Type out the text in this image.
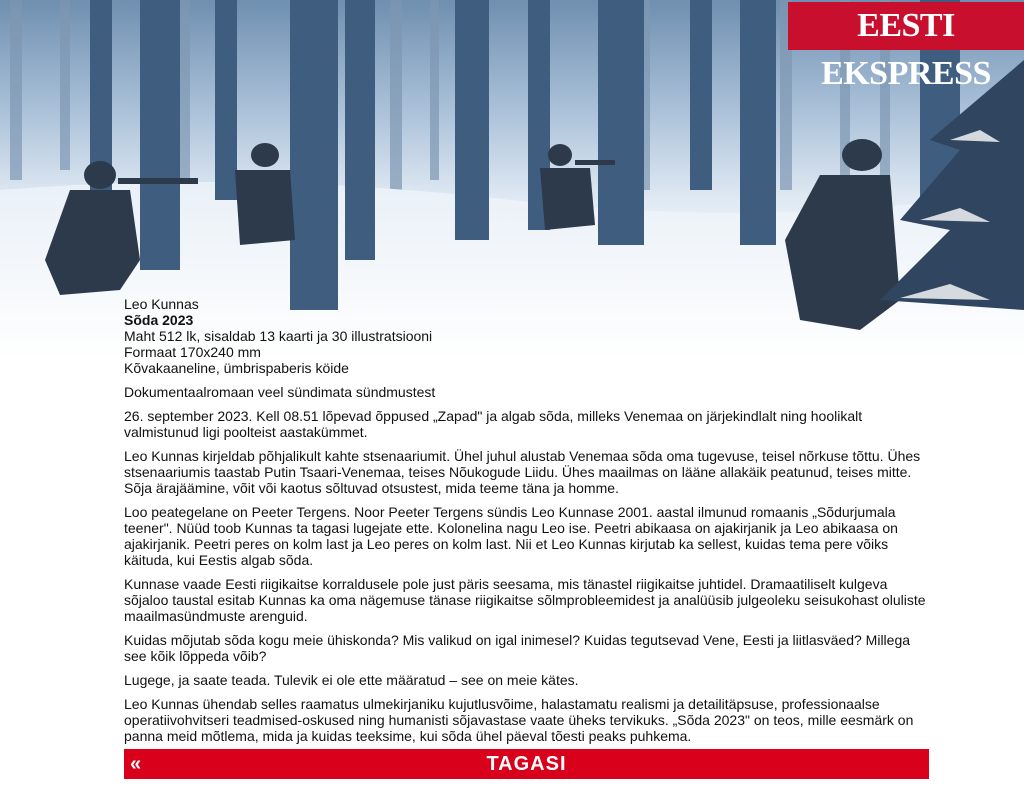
EESTI EKSPRESS
Leo Kunnas
Sõda 2023
Maht 512 lk, sisaldab 13 kaarti ja 30 illustratsiooni
Formaat 170x240 mm
Kõvakaaneline, ümbrispaberis köide

Dokumentaalromaan veel sündimata sündmustest

26. september 2023. Kell 08.51 lõpevad õppused „Zapad" ja algab sõda, milleks Venemaa on järjekindlalt ning hoolikalt valmistunud ligi poolteist aastakümmet.

Leo Kunnas kirjeldab põhjalikult kahte stsenaariumit. Ühel juhul alustab Venemaa sõda oma tugevuse, teisel nõrkuse tõttu. Ühes stsenaariumis taastab Putin Tsaari-Venemaa, teises Nõukogude Liidu. Ühes maailmas on lääne allakäik peatunud, teises mitte. Sõja ärajäämine, võit või kaotus sõltuvad otsustest, mida teeme täna ja homme.

Loo peategelane on Peeter Tergens. Noor Peeter Tergens sündis Leo Kunnase 2001. aastal ilmunud romaanis „Sõdurjumala teener". Nüüd toob Kunnas ta tagasi lugejate ette. Kolonelina nagu Leo ise. Peetri abikaasa on ajakirjanik ja Leo abikaasa on ajakirjanik. Peetri peres on kolm last ja Leo peres on kolm last. Nii et Leo Kunnas kirjutab ka sellest, kuidas tema pere võiks käituda, kui Eestis algab sõda.

Kunnase vaade Eesti riigikaitse korraldusele pole just päris seesama, mis tänastel riigikaitse juhtidel. Dramaatiliselt kulgeva sõjaloo taustal esitab Kunnas ka oma nägemuse tänase riigikaitse sõlmprobleemidest ja analüüsib julgeoleku seisukohast oluliste maailmasündmuste arenguid.

Kuidas mõjutab sõda kogu meie ühiskonda? Mis valikud on igal inimesel? Kuidas tegutsevad Vene, Eesti ja liitlasväed? Millega see kõik lõppeda võib?

Lugege, ja saate teada. Tulevik ei ole ette määratud – see on meie kätes.

Leo Kunnas ühendab selles raamatus ulmekirjaniku kujutlusvõime, halastamatu realismi ja detailitäpsuse, professionaalse operatiivohvitseri teadmised-oskused ning humanisti sõjavastase vaate üheks tervikuks. „Sõda 2023" on teos, mille eesmärk on panna meid mõtlema, mida ja kuidas teeksime, kui sõda ühel päeval tõesti peaks puhkema.

«	TAGASI
